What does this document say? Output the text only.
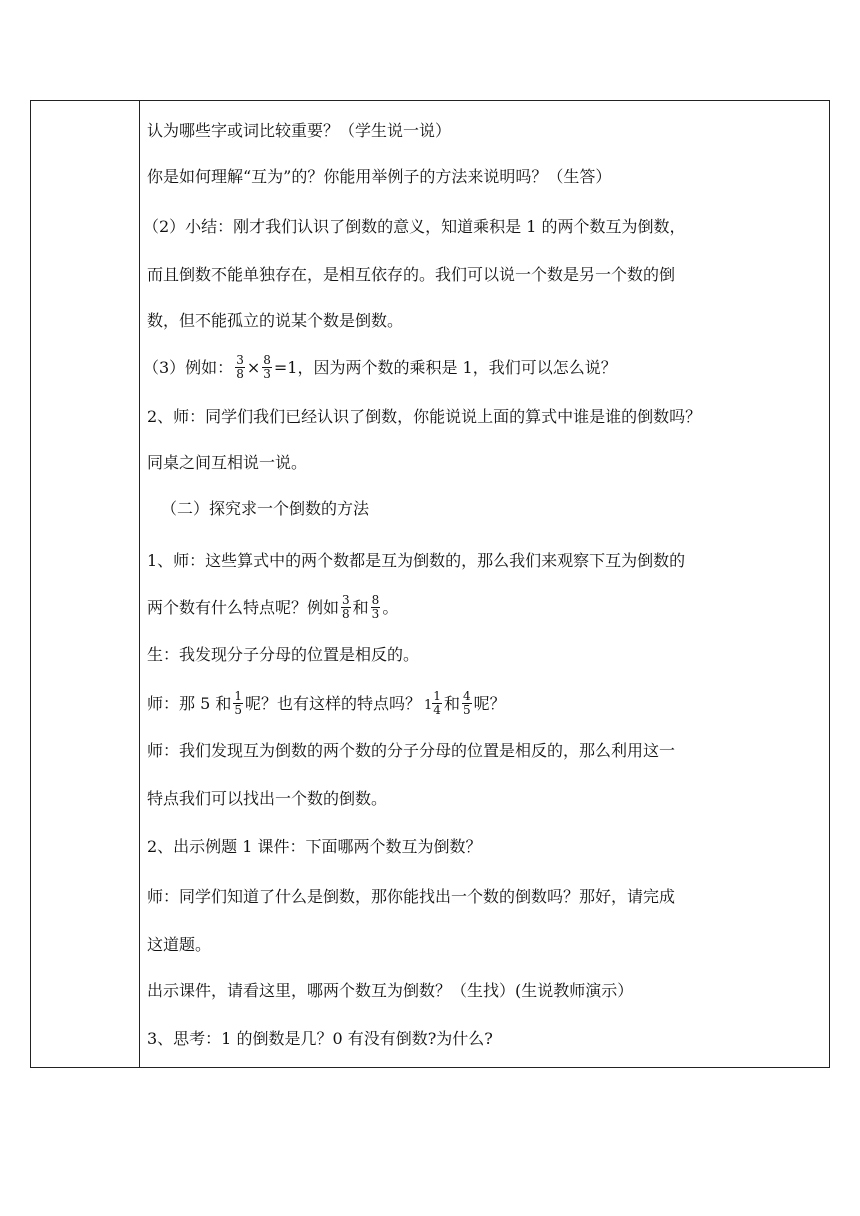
认为哪些字或词比较重要？（学生说一说）
你是如何理解“互为”的？你能用举例子的方法来说明吗？（生答）
（2）小结：刚才我们认识了倒数的意义，知道乘积是 1 的两个数互为倒数，
而且倒数不能单独存在，是相互依存的。我们可以说一个数是另一个数的倒
数，但不能孤立的说某个数是倒数。
（3）例如： $\frac{3}{8} \times \frac{8}{3} =1$，因为两个数的乘积是 1，我们可以怎么说？
2、师：同学们我们已经认识了倒数，你能说说上面的算式中谁是谁的倒数吗？
同桌之间互相说一说。
（二）探究求一个倒数的方法
1、师：这些算式中的两个数都是互为倒数的，那么我们来观察下互为倒数的
两个数有什么特点呢？例如 $\frac{3}{8}$ 和 $\frac{8}{3}$ 。
生：我发现分子分母的位置是相反的。
师：那 5 和 $\frac{1}{5}$ 呢？也有这样的特点吗？ $1 \frac{1}{4}$ 和 $\frac{4}{5}$ 呢？
师：我们发现互为倒数的两个数的分子分母的位置是相反的，那么利用这一
特点我们可以找出一个数的倒数。
2、出示例题 1 课件：下面哪两个数互为倒数？
师：同学们知道了什么是倒数，那你能找出一个数的倒数吗？那好，请完成
这道题。
出示课件，请看这里，哪两个数互为倒数？（生找）(生说教师演示）
3、思考：1 的倒数是几？0 有没有倒数?为什么?
